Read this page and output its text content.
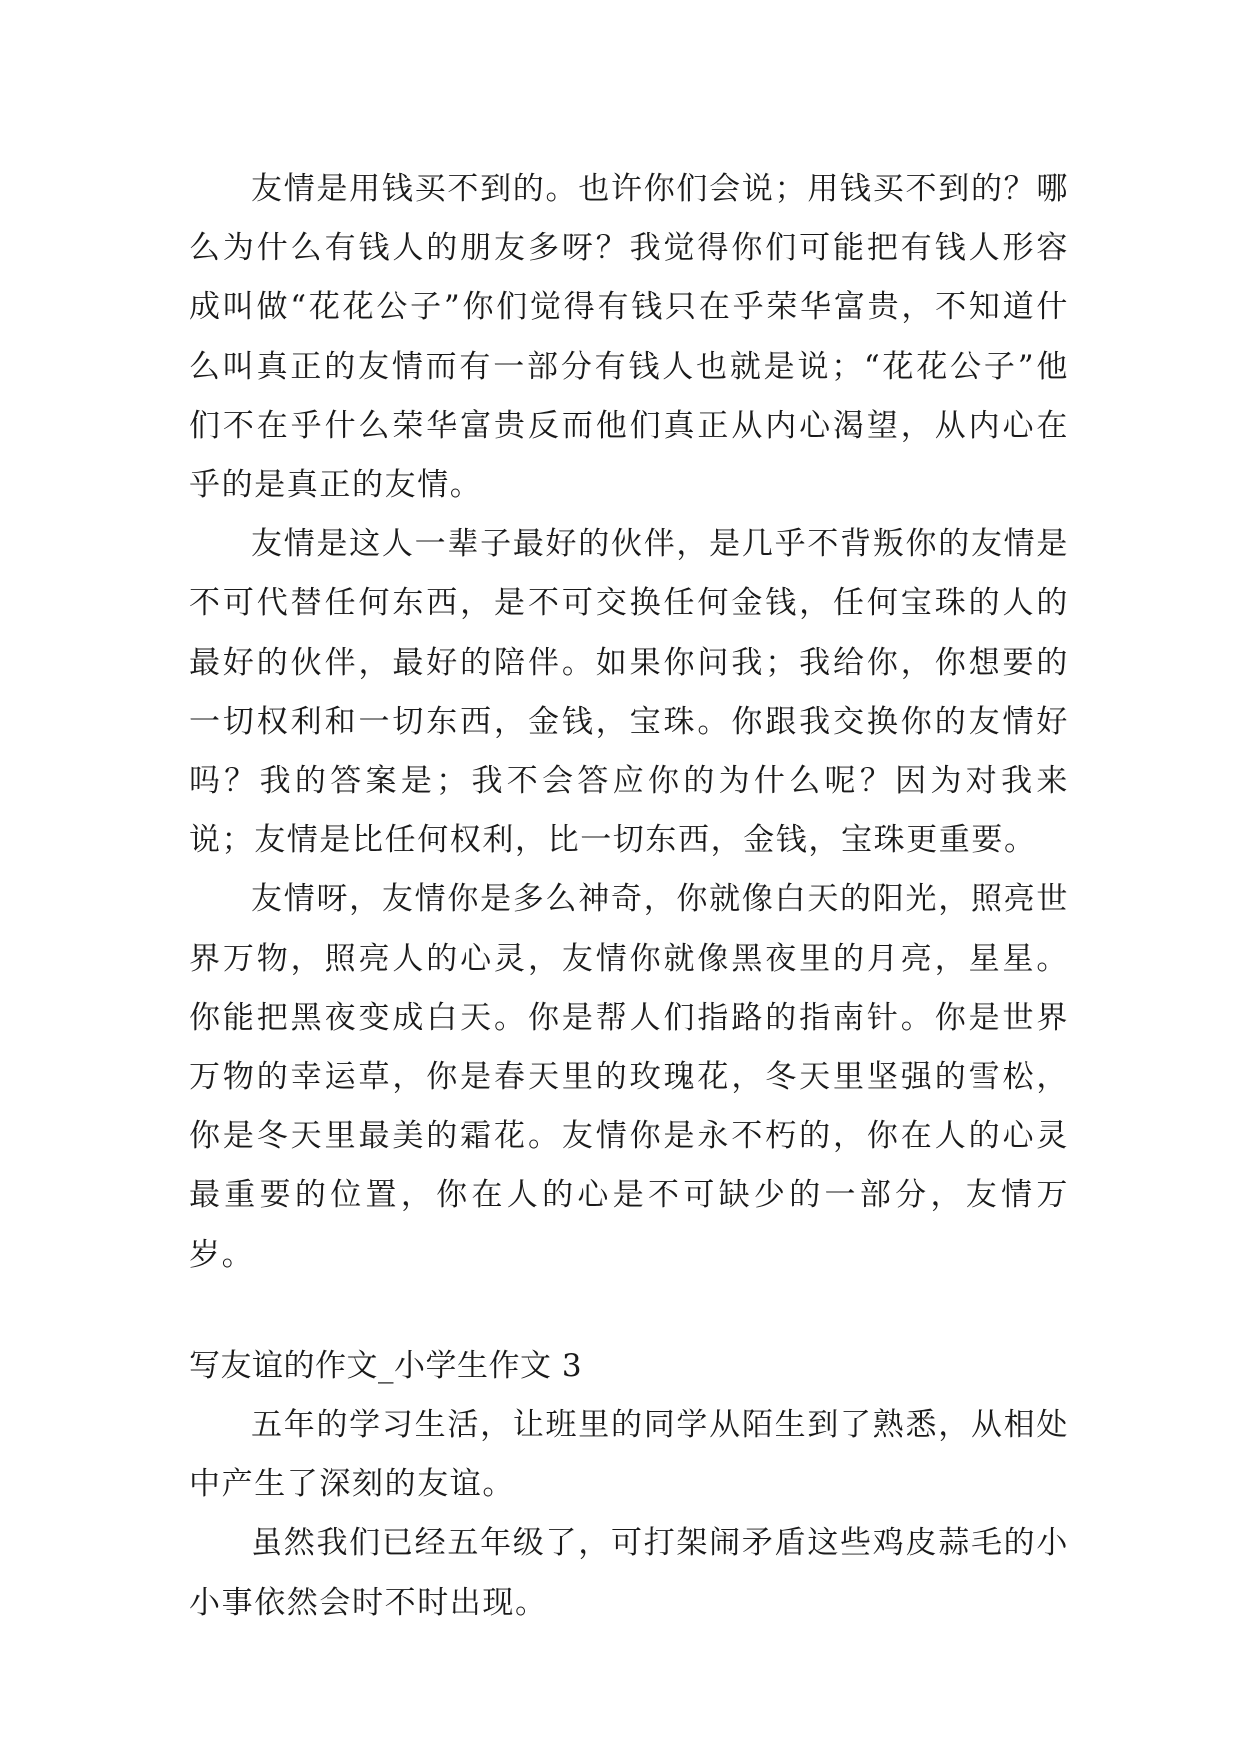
友情是用钱买不到的。也许你们会说；用钱买不到的？哪么为什么有钱人的朋友多呀？我觉得你们可能把有钱人形容成叫做“花花公子”你们觉得有钱只在乎荣华富贵，不知道什么叫真正的友情而有一部分有钱人也就是说；“花花公子”他们不在乎什么荣华富贵反而他们真正从内心渴望，从内心在乎的是真正的友情。

友情是这人一辈子最好的伙伴，是几乎不背叛你的友情是不可代替任何东西，是不可交换任何金钱，任何宝珠的人的最好的伙伴，最好的陪伴。如果你问我；我给你，你想要的一切权利和一切东西，金钱，宝珠。你跟我交换你的友情好吗？我的答案是；我不会答应你的为什么呢？因为对我来说；友情是比任何权利，比一切东西，金钱，宝珠更重要。

友情呀，友情你是多么神奇，你就像白天的阳光，照亮世界万物，照亮人的心灵，友情你就像黑夜里的月亮，星星。你能把黑夜变成白天。你是帮人们指路的指南针。你是世界万物的幸运草，你是春天里的玫瑰花，冬天里坚强的雪松，你是冬天里最美的霜花。友情你是永不朽的，你在人的心灵最重要的位置，你在人的心是不可缺少的一部分，友情万岁。

写友谊的作文_小学生作文 3

五年的学习生活，让班里的同学从陌生到了熟悉，从相处中产生了深刻的友谊。

虽然我们已经五年级了，可打架闹矛盾这些鸡皮蒜毛的小小事依然会时不时出现。
